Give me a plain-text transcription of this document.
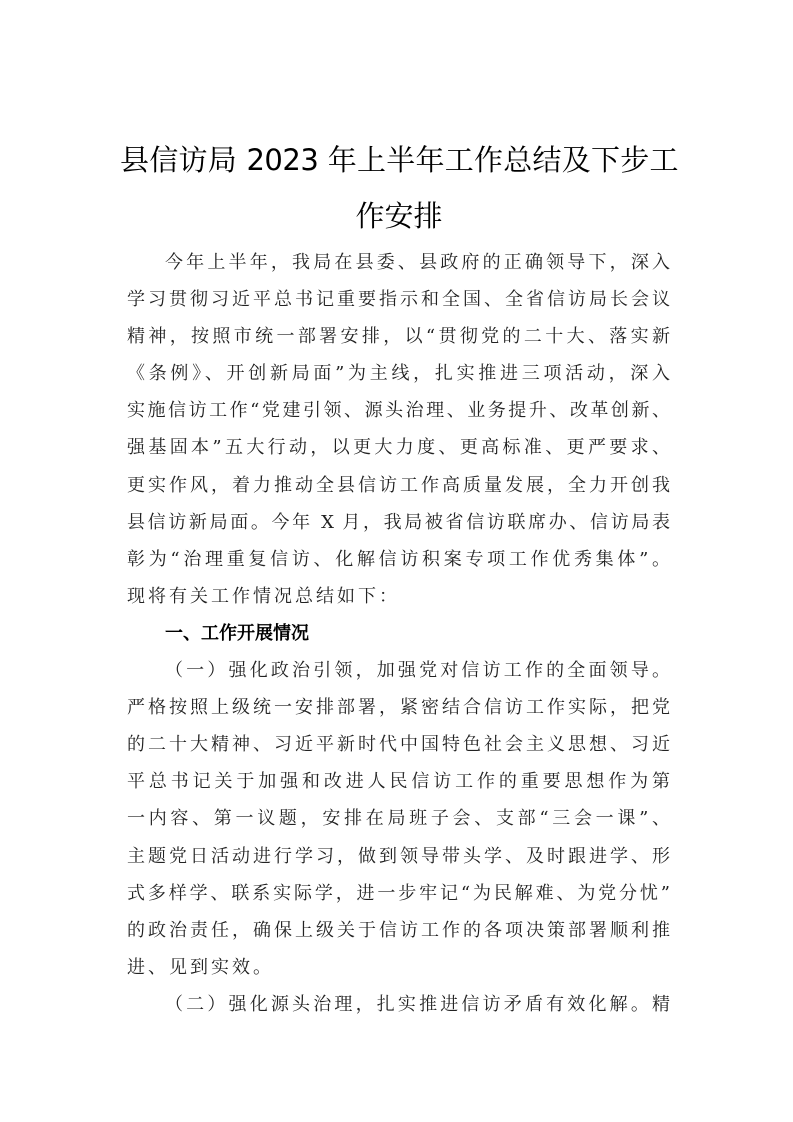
县信访局 2023 年上半年工作总结及下步工
作安排
今年上半年，我局在县委、县政府的正确领导下，深入
学习贯彻习近平总书记重要指示和全国、全省信访局长会议
精神，按照市统一部署安排，以“贯彻党的二十大、落实新
《条例》、开创新局面”为主线，扎实推进三项活动，深入
实施信访工作“党建引领、源头治理、业务提升、改革创新、
强基固本”五大行动，以更大力度、更高标准、更严要求、
更实作风，着力推动全县信访工作高质量发展，全力开创我
县信访新局面。今年 X 月，我局被省信访联席办、信访局表
彰为“治理重复信访、化解信访积案专项工作优秀集体”。
现将有关工作情况总结如下：
一、工作开展情况
（一）强化政治引领，加强党对信访工作的全面领导。
严格按照上级统一安排部署，紧密结合信访工作实际，把党
的二十大精神、习近平新时代中国特色社会主义思想、习近
平总书记关于加强和改进人民信访工作的重要思想作为第
一内容、第一议题，安排在局班子会、支部“三会一课”、
主题党日活动进行学习，做到领导带头学、及时跟进学、形
式多样学、联系实际学，进一步牢记“为民解难、为党分忧”
的政治责任，确保上级关于信访工作的各项决策部署顺利推
进、见到实效。
（二）强化源头治理，扎实推进信访矛盾有效化解。精
